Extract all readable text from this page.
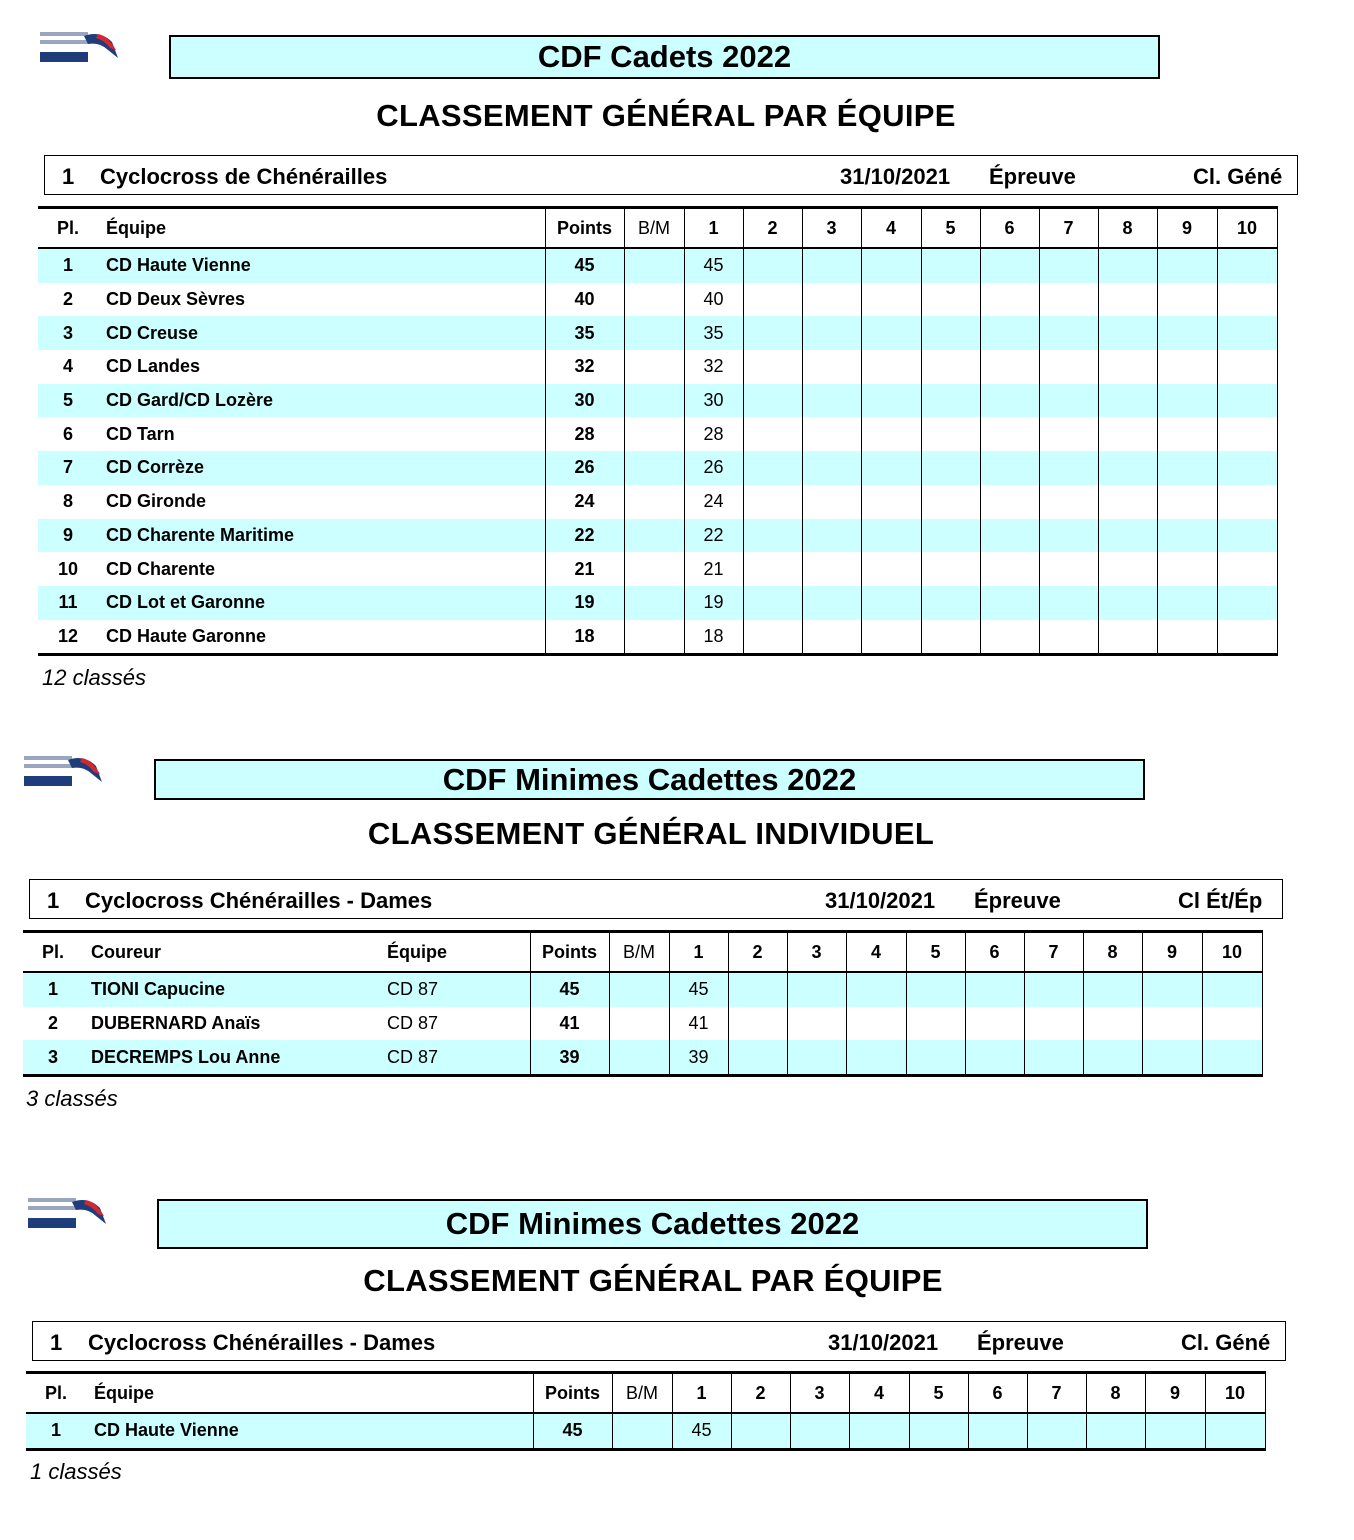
CDF Cadets 2022
CLASSEMENT GÉNÉRAL PAR ÉQUIPE
1 Cyclocross de Chénérailles	31/10/2021 Épreuve	Cl. Géné
Pl.	Équipe	Points	B/M	1	2	3	4	5	6	7	8	9	10
1	CD Haute Vienne	45		45									
2	CD Deux Sèvres	40		40									
3	CD Creuse	35		35									
4	CD Landes	32		32									
5	CD Gard/CD Lozère	30		30									
6	CD Tarn	28		28									
7	CD Corrèze	26		26									
8	CD Gironde	24		24									
9	CD Charente Maritime	22		22									
10	CD Charente	21		21									
11	CD Lot et Garonne	19		19									
12	CD Haute Garonne	18		18									
12 classés
CDF Minimes Cadettes 2022
CLASSEMENT GÉNÉRAL INDIVIDUEL
1 Cyclocross Chénérailles - Dames	31/10/2021 Épreuve	Cl Ét/Ép
Pl.	Coureur	Équipe	Points	B/M	1	2	3	4	5	6	7	8	9	10
1	TIONI Capucine	CD 87	45		45									
2	DUBERNARD Anaïs	CD 87	41		41									
3	DECREMPS Lou Anne	CD 87	39		39									
3 classés
CDF Minimes Cadettes 2022
CLASSEMENT GÉNÉRAL PAR ÉQUIPE
1 Cyclocross Chénérailles - Dames	31/10/2021 Épreuve	Cl. Géné
Pl.	Équipe	Points	B/M	1	2	3	4	5	6	7	8	9	10
1	CD Haute Vienne	45		45									
1 classés
